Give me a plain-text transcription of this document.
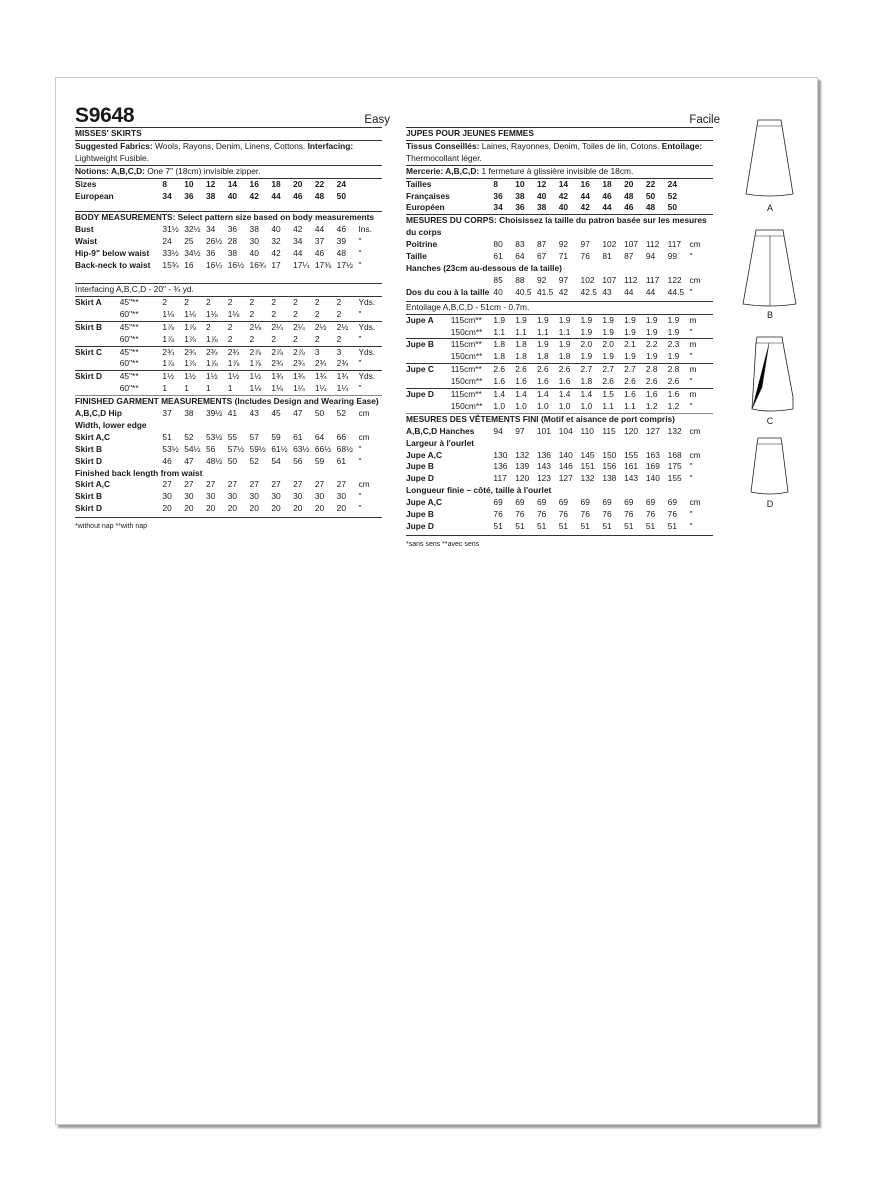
S9648	Easy	Facile
MISSES' SKIRTS
Suggested Fabrics: Wools, Rayons, Denim, Linens, Cottons. Interfacing: Lightweight Fusible.
Notions: A,B,C,D: One 7" (18cm) invisible zipper.
Sizes	8	10	12	14	16	18	20	22	24	
European	34	36	38	40	42	44	46	48	50	
BODY MEASUREMENTS: Select pattern size based on body measurements
Bust	31½	32½	34	36	38	40	42	44	46	Ins.
Waist	24	25	26½	28	30	32	34	37	39	"
Hip-9" below waist	33½	34½	36	38	40	42	44	46	48	"
Back-neck to waist	15¾	16	16¼	16½	16¾	17	17¼	17⅜	17½	"
Interfacing A,B,C,D - 20" - ¾ yd.
Skirt A	45"**	2	2	2	2	2	2	2	2	2	Yds.
	60"**	1⅛	1⅛	1⅛	1⅛	2	2	2	2	2	"
Skirt B	45"**	1⅞	1⅞	2	2	2⅛	2¼	2¼	2½	2½	Yds.
	60"**	1⅞	1⅞	1⅞	2	2	2	2	2	2	"
Skirt C	45"**	2¾	2¾	2¾	2¾	2⅞	2⅞	2⅞	3	3	Yds.
	60"**	1⅞	1⅞	1⅞	1⅞	1⅞	2¾	2¾	2¾	2¾	"
Skirt D	45"**	1½	1½	1½	1½	1½	1¾	1¾	1¾	1¾	Yds.
	60"**	1	1	1	1	1⅛	1⅛	1¼	1¼	1¼	"
FINISHED GARMENT MEASUREMENTS (Includes Design and Wearing Ease)
A,B,C,D Hip	37	38	39½	41	43	45	47	50	52	cm
Width, lower edge										
Skirt A,C	51	52	53½	55	57	59	61	64	66	cm
Skirt B	53½	54½	56	57½	59½	61½	63½	66½	68½	"
Skirt D	46	47	48½	50	52	54	56	59	61	"
Finished back length from waist										
Skirt A,C	27	27	27	27	27	27	27	27	27	cm
Skirt B	30	30	30	30	30	30	30	30	30	"
Skirt D	20	20	20	20	20	20	20	20	20	"
*without nap **with nap
JUPES POUR JEUNES FEMMES
Tissus Conseillés: Laines, Rayonnes, Denim, Toiles de lin, Cotons. Entoilage: Thermocollant léger.
Mercerie: A,B,C,D: 1 fermeture à glissière invisible de 18cm.
Tailles	8	10	12	14	16	18	20	22	24	
Françaises	36	38	40	42	44	46	48	50	52	
Européen	34	36	38	40	42	44	46	48	50	
MESURES DU CORPS: Choisissez la taille du patron basée sur les mesures du corps
Poitrine	80	83	87	92	97	102	107	112	117	cm
Taille	61	64	67	71	76	81	87	94	99	"
Hanches (23cm au-dessous de la taille)
	85	88	92	97	102	107	112	117	122	cm
Dos du cou à la taille	40	40.5	41.5	42	42.5	43	44	44	44.5	"
Entoilage A,B,C,D - 51cm - 0.7m.
Jupe A	115cm**	1.9	1.9	1.9	1.9	1.9	1.9	1.9	1.9	1.9	m
	150cm**	1.1	1.1	1.1	1.1	1.9	1.9	1.9	1.9	1.9	"
Jupe B	115cm**	1.8	1.8	1.9	1.9	2.0	2.0	2.1	2.2	2.3	m
	150cm**	1.8	1.8	1.8	1.8	1.9	1.9	1.9	1.9	1.9	"
Jupe C	115cm**	2.6	2.6	2.6	2.6	2.7	2.7	2.7	2.8	2.8	m
	150cm**	1.6	1.6	1.6	1.6	1.8	2.6	2.6	2.6	2.6	"
Jupe D	115cm**	1.4	1.4	1.4	1.4	1.4	1.5	1.6	1.6	1.6	m
	150cm**	1.0	1.0	1.0	1.0	1.0	1.1	1.1	1.2	1.2	"
MESURES DES VÊTEMENTS FINI (Motif et aisance de port compris)
A,B,C,D Hanches	94	97	101	104	110	115	120	127	132	cm
Largeur à l'ourlet										
Jupe A,C	130	132	136	140	145	150	155	163	168	cm
Jupe B	136	139	143	146	151	156	161	169	175	"
Jupe D	117	120	123	127	132	138	143	140	155	"
Longueur finie – côté, taille à l'ourlet										
Jupe A,C	69	69	69	69	69	69	69	69	69	cm
Jupe B	76	76	76	76	76	76	76	76	76	"
Jupe D	51	51	51	51	51	51	51	51	51	"
*sans sens **avec sens
A
B
C
D
